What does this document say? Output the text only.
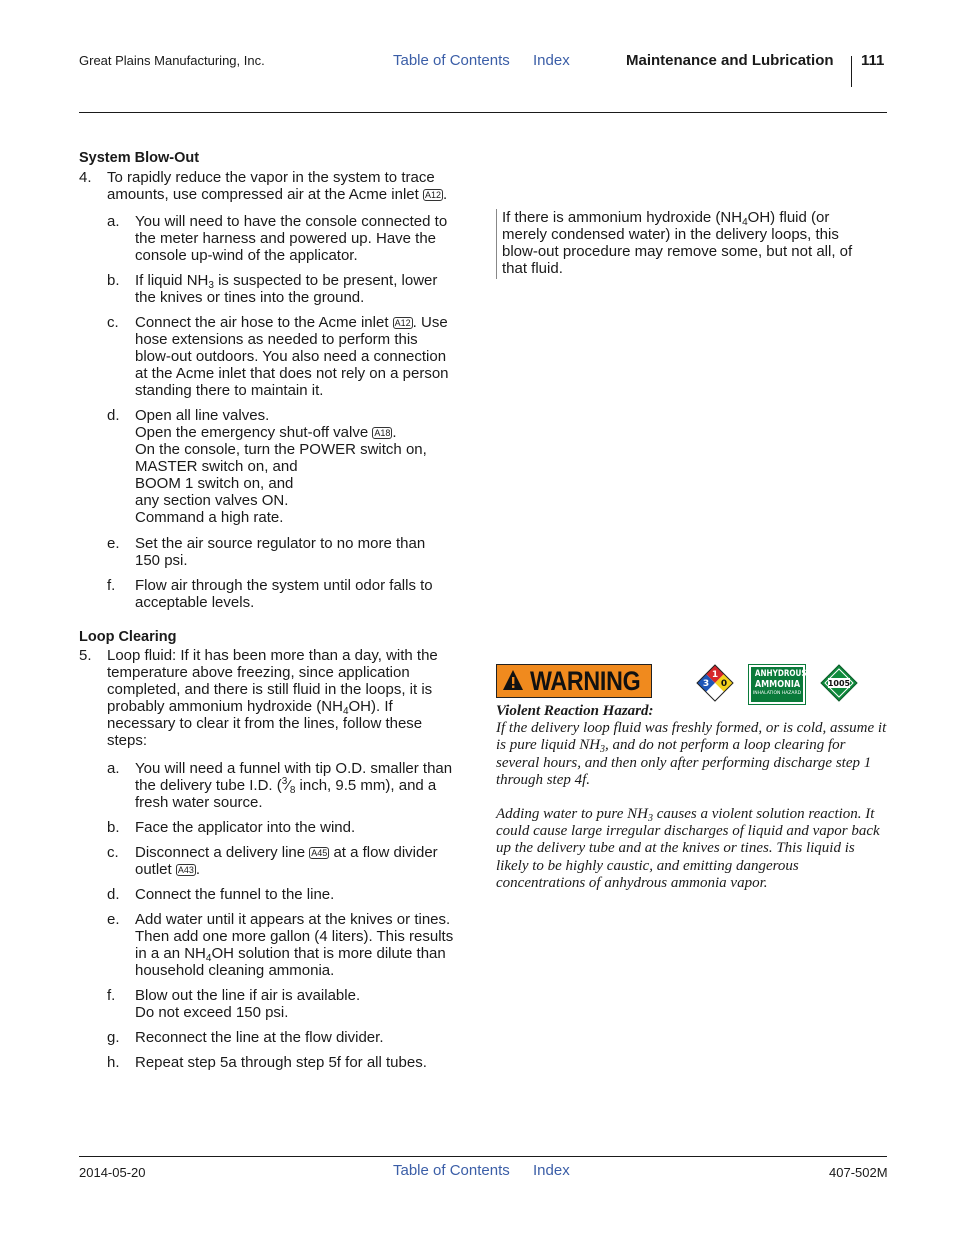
Great Plains Manufacturing, Inc.	Table of Contents Index	Maintenance and Lubrication 111
System Blow-Out
4. To rapidly reduce the vapor in the system to trace
amounts, use compressed air at the Acme inlet A12 .
a. You will need to have the console connected to
the meter harness and powered up. Have the
console up-wind of the applicator.
b. If liquid $NH_3$ is suspected to be present, lower
the knives or tines into the ground.
c. Connect the air hose to the Acme inlet A12 . Use
hose extensions as needed to perform this
blow-out outdoors. You also need a connection
at the Acme inlet that does not rely on a person
standing there to maintain it.
d. Open all line valves.
Open the emergency shut-off valve A18 .
On the console, turn the POWER switch on,
MASTER switch on, and
BOOM 1 switch on, and
any section valves ON.
Command a high rate.
e. Set the air source regulator to no more than
150 psi.
f. Flow air through the system until odor falls to
acceptable levels.
If there is ammonium hydroxide $(NH_4OH)$ fluid (or
merely condensed water) in the delivery loops, this
blow-out procedure may remove some, but not all, of
that fluid.
Loop Clearing
5. Loop fluid: If it has been more than a day, with the
temperature above freezing, since application
completed, and there is still fluid in the loops, it is
probably ammonium hydroxide $(NH_4OH)$. If
necessary to clear it from the lines, follow these
steps:
a. You will need a funnel with tip O.D. smaller than
the delivery tube I.D. ($^3⁄_8$ inch, 9.5 mm), and a
fresh water source.
b. Face the applicator into the wind.
c. Disconnect a delivery line A45 at a flow divider
outlet A43 .
d. Connect the funnel to the line.
e. Add water until it appears at the knives or tines.
Then add one more gallon (4 liters). This results
in a an $NH_4OH$ solution that is more dilute than
household cleaning ammonia.
f. Blow out the line if air is available.
Do not exceed 150 psi.
g. Reconnect the line at the flow divider.
h. Repeat step 5a through step 5f for all tubes.
WARNING	1
3 0
ANHYDROUS
AMMONIA
INHALATION HAZARD
1005

Violent Reaction Hazard:

If the delivery loop fluid was freshly formed, or is cold, assume it is pure liquid $NH_3$, and do not perform a loop clearing for several hours, and then only after performing discharge step 1 through step 4f.

Adding water to pure $NH_3$ causes a violent solution reaction. It could cause large irregular discharges of liquid and vapor back up the delivery tube and at the knives or tines. This liquid is likely to be highly caustic, and emitting dangerous concentrations of anhydrous ammonia vapor.

2014-05-20	Table of Contents Index	407-502M
